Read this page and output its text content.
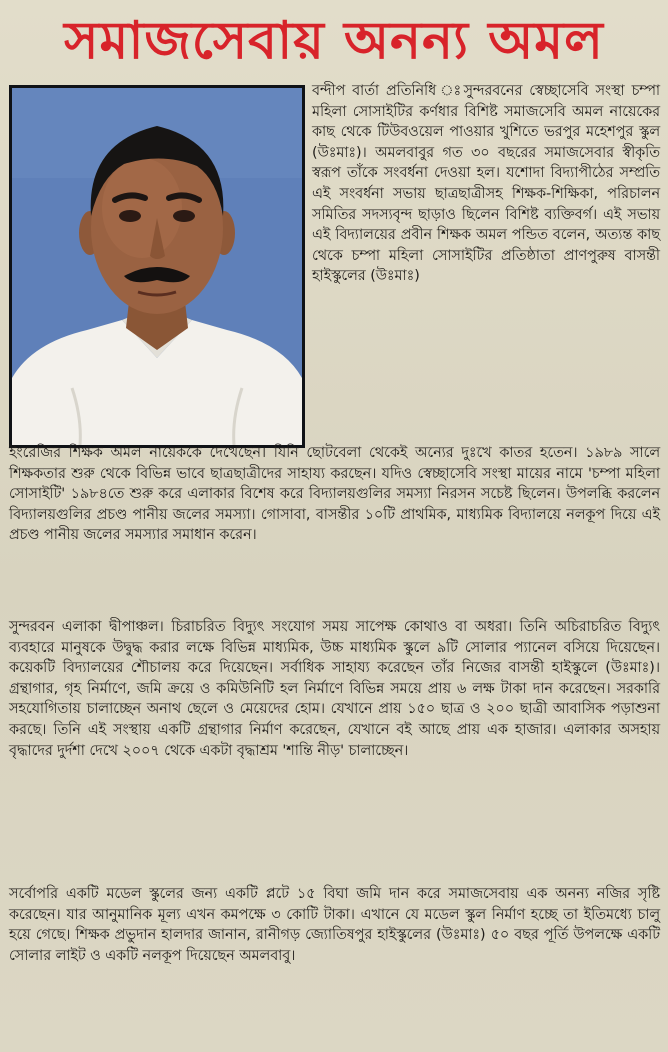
সমাজসেবায় অনন্য অমল

বন্দীপ বার্তা প্রতিনিধি ঃসুন্দরবনের স্বেচ্ছাসেবি সংস্থা চম্পা মহিলা সোসাইটির কর্ণধার বিশিষ্ট সমাজসেবি অমল নায়েকের কাছ থেকে টিউবওয়েল পাওয়ার খুশিতে ভরপুর মহেশপুর স্কুল (উঃমাঃ)। অমলবাবুর গত ৩০ বছরের সমাজসেবার স্বীকৃতি স্বরূপ তাঁকে সংবর্ধনা দেওয়া হল। যশোদা বিদ্যাপীঠের সম্প্রতি এই সংবর্ধনা সভায় ছাত্রছাত্রীসহ শিক্ষক-শিক্ষিকা, পরিচালন সমিতির সদস্যবৃন্দ ছাড়াও ছিলেন বিশিষ্ট ব্যক্তিবর্গ। এই সভায় এই বিদ্যালয়ের প্রবীন শিক্ষক অমল পন্ডিত বলেন, অত্যন্ত কাছ থেকে চম্পা মহিলা সোসাইটির প্রতিষ্ঠাতা প্রাণপুরুষ বাসন্তী হাইস্কুলের (উঃমাঃ)

ইংরেজির শিক্ষক অমল নায়েককে দেখেছেন। যিনি ছোটবেলা থেকেই অন্যের দুঃখে কাতর হতেন। ১৯৮৯ সালে শিক্ষকতার শুরু থেকে বিভিন্ন ভাবে ছাত্রছাত্রীদের সাহায্য করছেন। যদিও স্বেচ্ছাসেবি সংস্থা মায়ের নামে 'চম্পা মহিলা সোসাইটি' ১৯৮৪তে শুরু করে এলাকার বিশেষ করে বিদ্যালয়গুলির সমস্যা নিরসন সচেষ্ট ছিলেন। উপলব্ধি করলেন বিদ্যালয়গুলির প্রচণ্ড পানীয় জলের সমস্যা। গোসাবা, বাসন্তীর ১০টি প্রাথমিক, মাধ্যমিক বিদ্যালয়ে নলকূপ দিয়ে এই প্রচণ্ড পানীয় জলের সমস্যার সমাধান করেন।

সুন্দরবন এলাকা দ্বীপাঞ্চল। চিরাচরিত বিদ্যুৎ সংযোগ সময় সাপেক্ষ কোথাও বা অধরা। তিনি অচিরাচরিত বিদ্যুৎ ব্যবহারে মানুষকে উদ্বুদ্ধ করার লক্ষে বিভিন্ন মাধ্যমিক, উচ্চ মাধ্যমিক স্কুলে ৯টি সোলার প্যানেল বসিয়ে দিয়েছেন। কয়েকটি বিদ্যালয়ের শৌচালয় করে দিয়েছেন। সর্বাধিক সাহায্য করেছেন তাঁর নিজের বাসন্তী হাইস্কুলে (উঃমাঃ)। গ্রন্থাগার, গৃহ নির্মাণে, জমি ক্রয়ে ও কমিউনিটি হল নির্মাণে বিভিন্ন সময়ে প্রায় ৬ লক্ষ টাকা দান করেছেন। সরকারি সহযোগিতায় চালাচ্ছেন অনাথ ছেলে ও মেয়েদের হোম। যেখানে প্রায় ১৫০ ছাত্র ও ২০০ ছাত্রী আবাসিক পড়াশুনা করছে। তিনি এই সংস্থায় একটি গ্রন্থাগার নির্মাণ করেছেন, যেখানে বই আছে প্রায় এক হাজার। এলাকার অসহায় বৃদ্ধাদের দুর্দশা দেখে ২০০৭ থেকে একটা বৃদ্ধাশ্রম 'শান্তি নীড়' চালাচ্ছেন।

সর্বোপরি একটি মডেল স্কুলের জন্য একটি প্লটে ১৫ বিঘা জমি দান করে সমাজসেবায় এক অনন্য নজির সৃষ্টি করেছেন। যার আনুমানিক মূল্য এখন কমপক্ষে ৩ কোটি টাকা। এখানে যে মডেল স্কুল নির্মাণ হচ্ছে তা ইতিমধ্যে চালু হয়ে গেছে। শিক্ষক প্রভুদান হালদার জানান, রানীগড় জ্যোতিষপুর হাইস্কুলের (উঃমাঃ) ৫০ বছর পূর্তি উপলক্ষে একটি সোলার লাইট ও একটি নলকূপ দিয়েছেন অমলবাবু।
